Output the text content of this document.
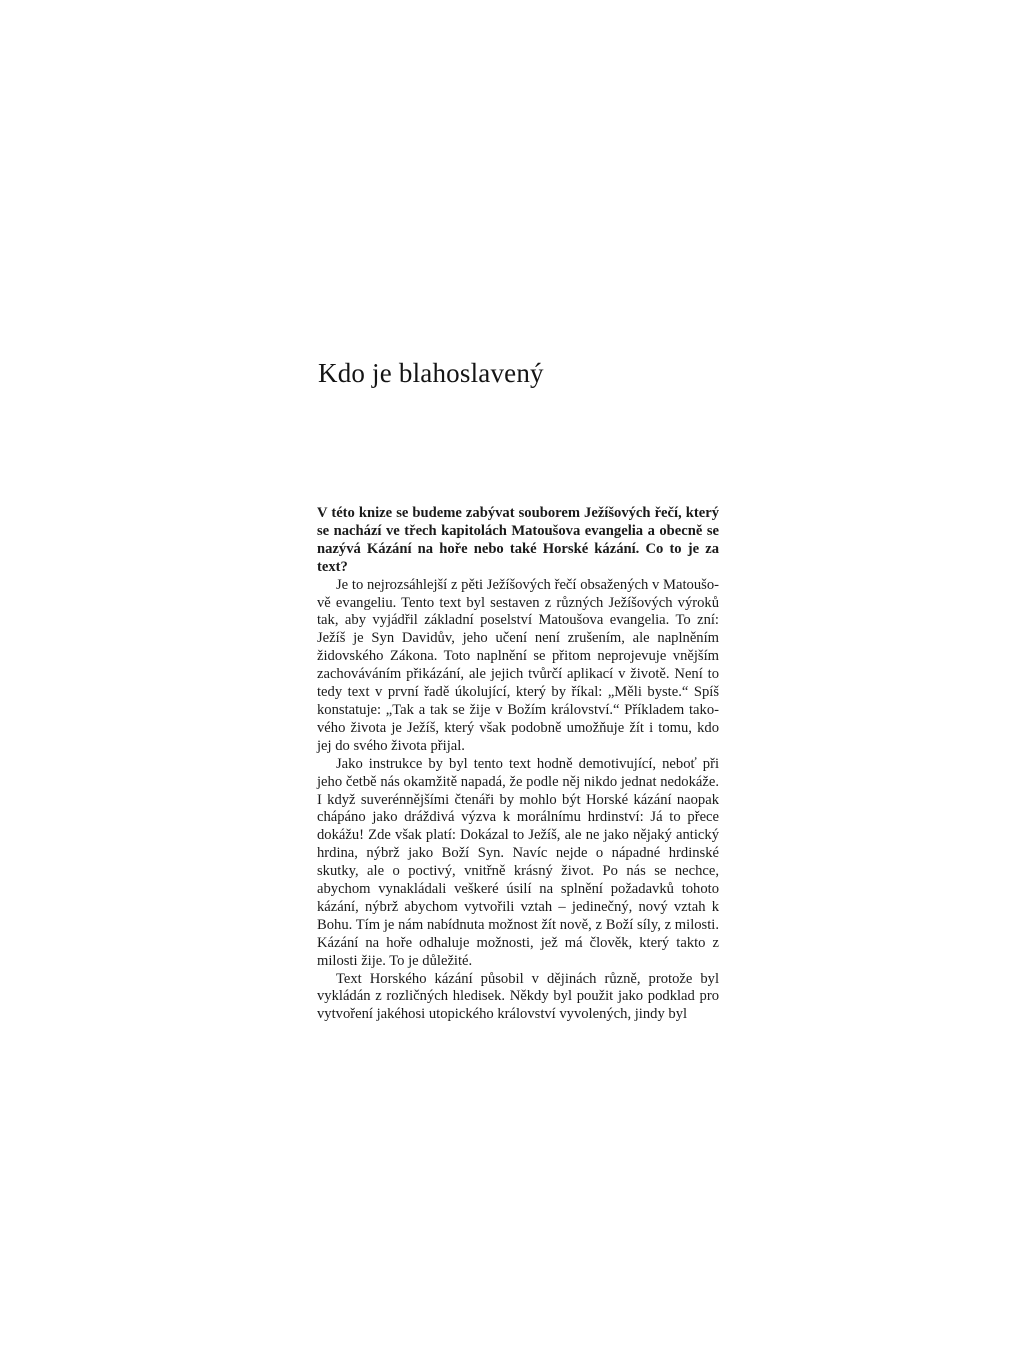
Kdo je blahoslavený

V této knize se budeme zabývat souborem Ježíšových řečí, který se nachází ve třech kapitolách Matoušova evangelia a obecně se nazývá Kázání na hoře nebo také Horské kázání. Co to je za text?

Je to nejrozsáhlejší z pěti Ježíšových řečí obsažených v Matoušově evangeliu. Tento text byl sestaven z různých Ježíšových výroků tak, aby vyjádřil základní poselství Matoušova evangelia. To zní: Ježíš je Syn Davidův, jeho učení není zrušením, ale naplněním židovského Zákona. Toto naplnění se přitom neprojevuje vnějším zachováváním přikázání, ale jejich tvůrčí aplikací v životě. Není to tedy text v první řadě úkolující, který by říkal: „Měli byste.“ Spíš konstatuje: „Tak a tak se žije v Božím království.“ Příkladem takového života je Ježíš, který však podobně umožňuje žít i tomu, kdo jej do svého života přijal.

Jako instrukce by byl tento text hodně demotivující, neboť při jeho četbě nás okamžitě napadá, že podle něj nikdo jednat nedokáže. I když suverénnějšími čtenáři by mohlo být Horské kázání naopak chápáno jako dráždivá výzva k morálnímu hrdinství: Já to přece dokážu! Zde však platí: Dokázal to Ježíš, ale ne jako nějaký antický hrdina, nýbrž jako Boží Syn. Navíc nejde o nápadné hrdinské skutky, ale o poctivý, vnitřně krásný život. Po nás se nechce, abychom vynakládali veškeré úsilí na splnění požadavků tohoto kázání, nýbrž abychom vytvořili vztah – jedinečný, nový vztah k Bohu. Tím je nám nabídnuta možnost žít nově, z Boží síly, z milosti. Kázání na hoře odhaluje možnosti, jež má člověk, který takto z milosti žije. To je důležité.

Text Horského kázání působil v dějinách různě, protože byl vykládán z rozličných hledisek. Někdy byl použit jako podklad pro vytvoření jakéhosi utopického království vyvolených, jindy byl
